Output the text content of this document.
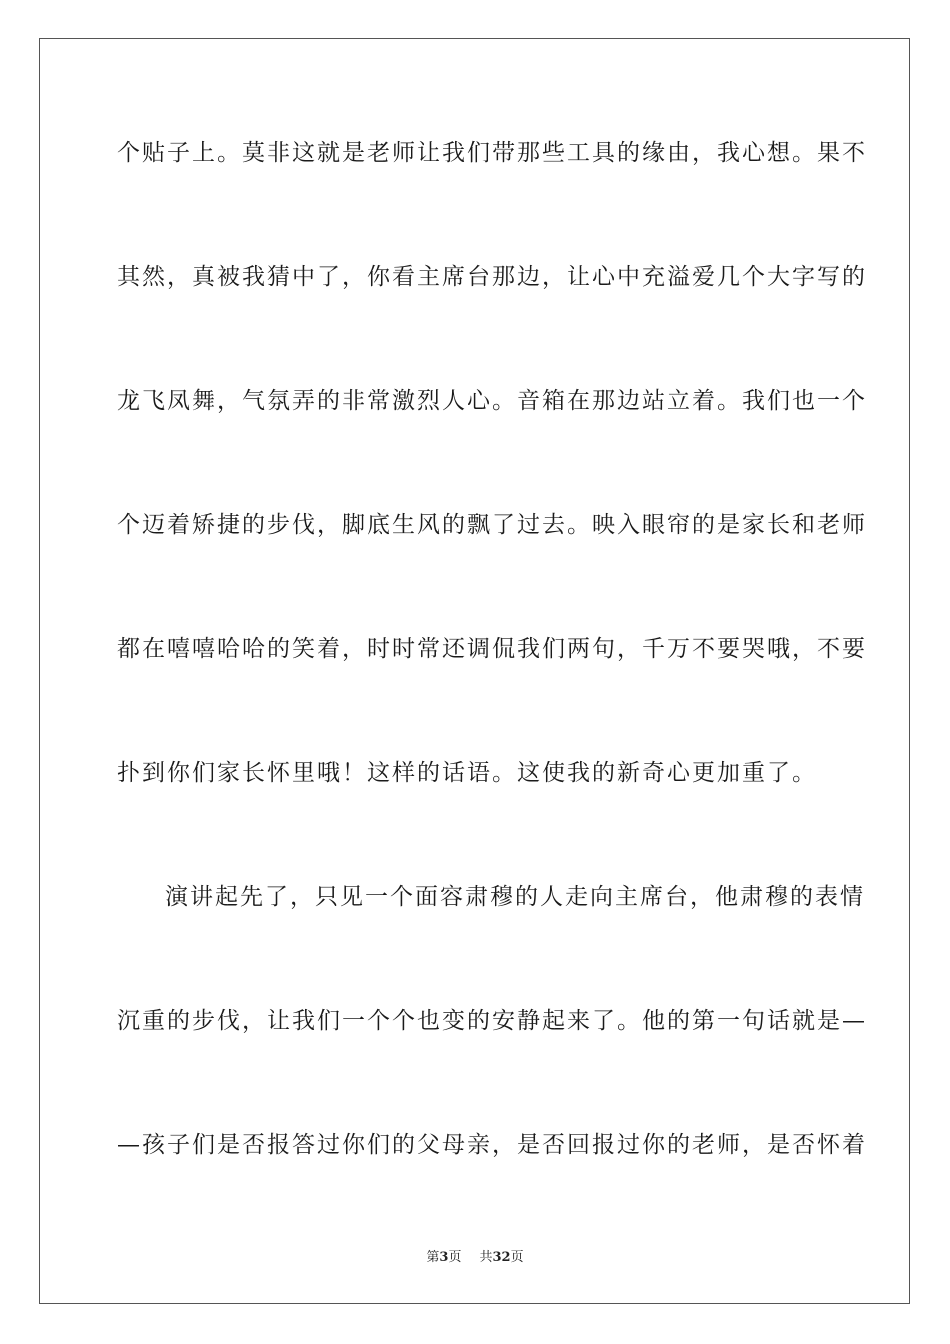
个贴子上。莫非这就是老师让我们带那些工具的缘由，我心想。果不
其然，真被我猜中了，你看主席台那边，让心中充溢爱几个大字写的
龙飞凤舞，气氛弄的非常激烈人心。音箱在那边站立着。我们也一个
个迈着矫捷的步伐，脚底生风的飘了过去。映入眼帘的是家长和老师
都在嘻嘻哈哈的笑着，时时常还调侃我们两句，千万不要哭哦，不要
扑到你们家长怀里哦！这样的话语。这使我的新奇心更加重了。
演讲起先了，只见一个面容肃穆的人走向主席台，他肃穆的表情
沉重的步伐，让我们一个个也变的安静起来了。他的第一句话就是—
—孩子们是否报答过你们的父母亲，是否回报过你的老师，是否怀着
第3页 共32页
